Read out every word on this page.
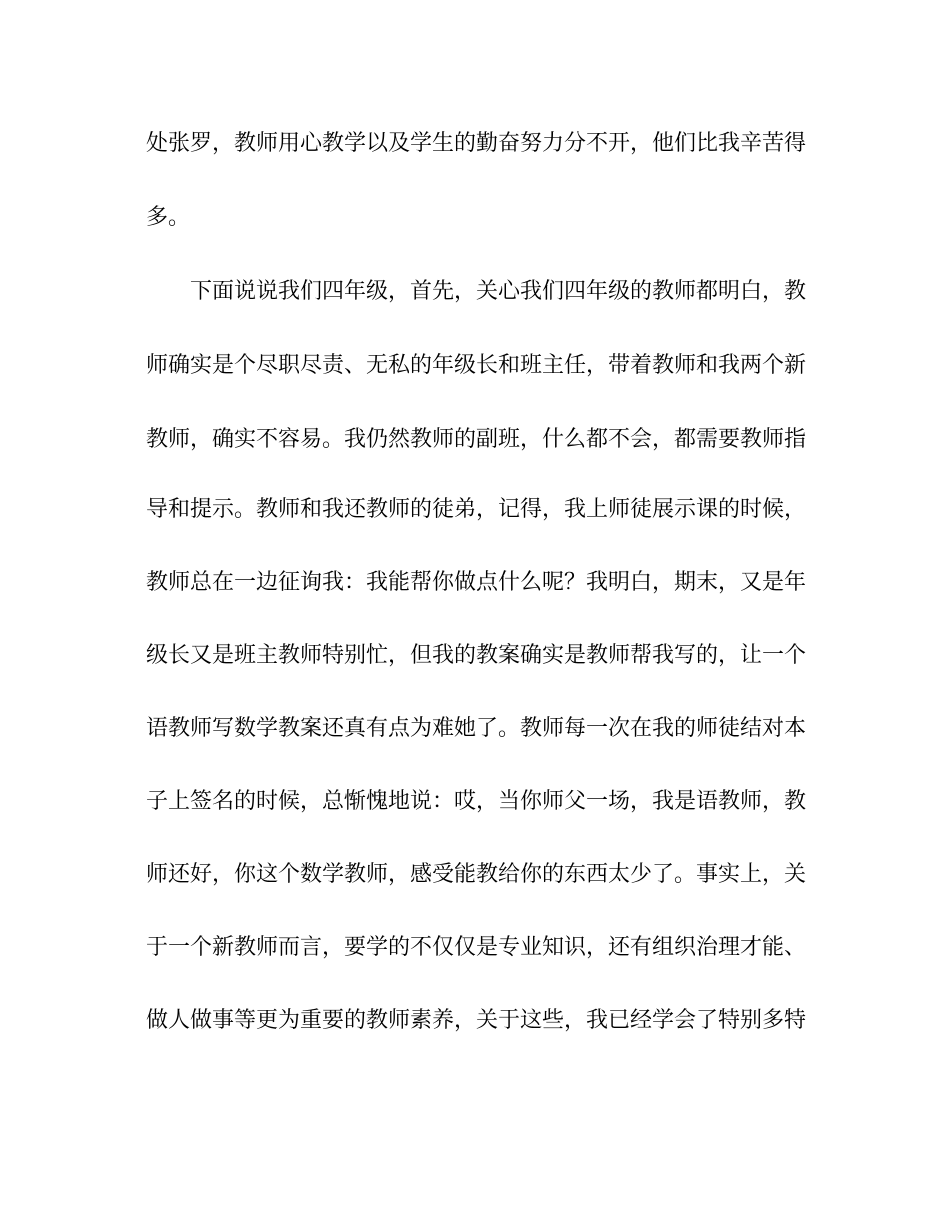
处张罗，教师用心教学以及学生的勤奋努力分不开，他们比我辛苦得
多。
下面说说我们四年级，首先，关心我们四年级的教师都明白，教
师确实是个尽职尽责、无私的年级长和班主任，带着教师和我两个新
教师，确实不容易。我仍然教师的副班，什么都不会，都需要教师指
导和提示。教师和我还教师的徒弟，记得，我上师徒展示课的时候，
教师总在一边征询我：我能帮你做点什么呢？我明白，期末，又是年
级长又是班主教师特别忙，但我的教案确实是教师帮我写的，让一个
语教师写数学教案还真有点为难她了。教师每一次在我的师徒结对本
子上签名的时候，总惭愧地说：哎，当你师父一场，我是语教师，教
师还好，你这个数学教师，感受能教给你的东西太少了。事实上，关
于一个新教师而言，要学的不仅仅是专业知识，还有组织治理才能、
做人做事等更为重要的教师素养，关于这些，我已经学会了特别多特
